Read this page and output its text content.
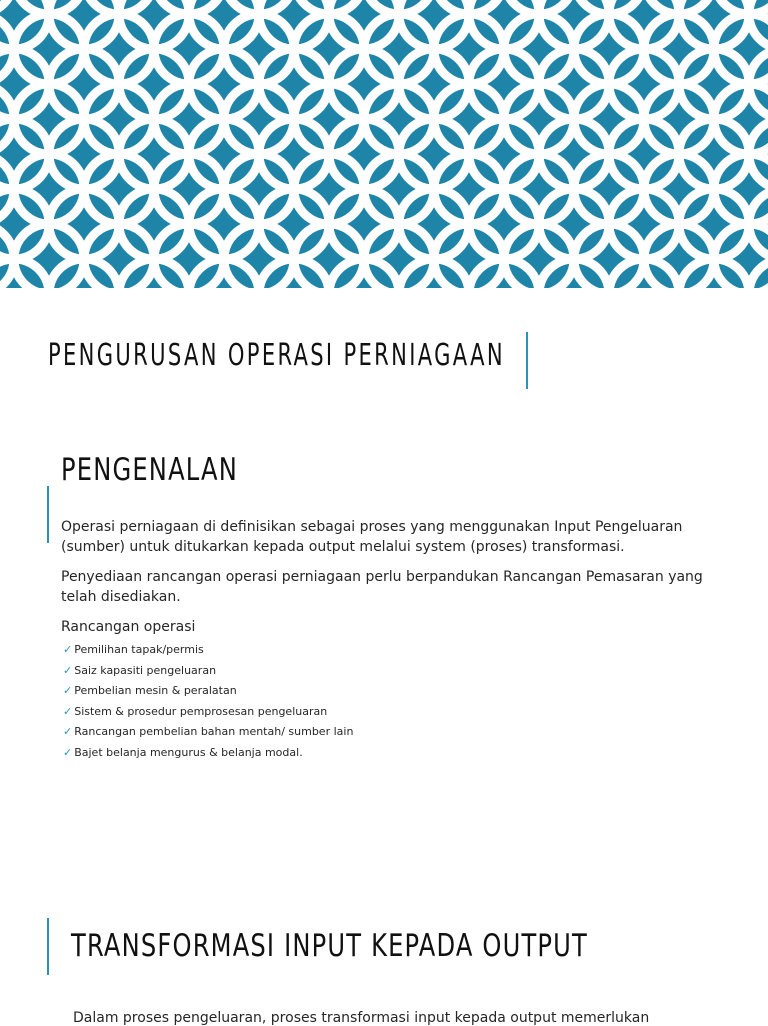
PENGURUSAN OPERASI PERNIAGAAN
PENGENALAN
Operasi perniagaan di definisikan sebagai proses yang menggunakan Input Pengeluaran (sumber) untuk ditukarkan kepada output melalui system (proses) transformasi.
Penyediaan rancangan operasi perniagaan perlu berpandukan Rancangan Pemasaran yang telah disediakan.
Rancangan operasi
✓ Pemilihan tapak/permis
✓ Saiz kapasiti pengeluaran
✓ Pembelian mesin & peralatan
✓ Sistem & prosedur pemprosesan pengeluaran
✓ Rancangan pembelian bahan mentah/ sumber lain
✓ Bajet belanja mengurus & belanja modal.
TRANSFORMASI INPUT KEPADA OUTPUT
Dalam proses pengeluaran, proses transformasi input kepada output memerlukan
